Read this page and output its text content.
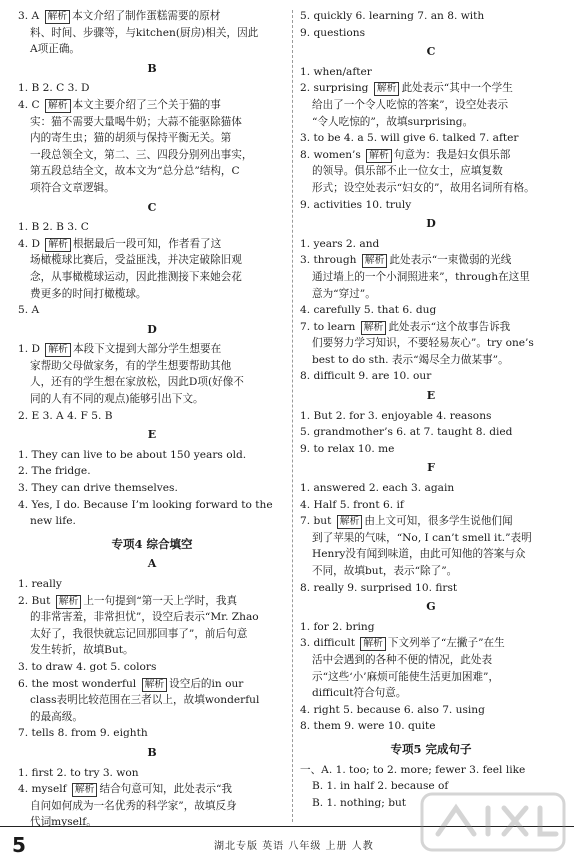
3. A 解析 本文介绍了制作蛋糕需要的原材
料、时间、步骤等，与kitchen(厨房)相关，因此
A项正确。
B
1. B 2. C 3. D
4. C 解析 本文主要介绍了三个关于猫的事
实：猫不需要大量喝牛奶；大蒜不能驱除猫体
内的寄生虫；猫的胡须与保持平衡无关。第
一段总领全文，第二、三、四段分别列出事实，
第五段总结全文，故本文为“总分总”结构，C
项符合文章逻辑。
C
1. B 2. B 3. C
4. D 解析 根据最后一段可知，作者看了这
场橄榄球比赛后，受益匪浅，并决定破除旧观
念，从事橄榄球运动，因此推测接下来她会花
费更多的时间打橄榄球。
5. A
D
1. D 解析 本段下文提到大部分学生想要在
家帮助父母做家务，有的学生想要帮助其他
人，还有的学生想在家放松，因此D项(好像不
同的人有不同的观点)能够引出下文。
2. E 3. A 4. F 5. B
E
1. They can live to be about 150 years old.
2. The fridge.
3. They can drive themselves.
4. Yes, I do. Because I’m looking forward to the
new life.
专项4 综合填空
A
1. really
2. But 解析 上一句提到“第一天上学时，我真
的非常害羞，非常担忧”，设空后表示“Mr. Zhao
太好了，我很快就忘记回那回事了”，前后句意
发生转折，故填But。
3. to draw 4. got 5. colors
6. the most wonderful 解析 设空后的in our
class表明比较范围在三者以上，故填wonderful
的最高级。
7. tells 8. from 9. eighth
B
1. first 2. to try 3. won
4. myself 解析 结合句意可知，此处表示“我
自问如何成为一名优秀的科学家”，故填反身
代词myself。
5. quickly 6. learning 7. an 8. with
9. questions
C
1. when/after
2. surprising 解析 此处表示“其中一个学生
给出了一个令人吃惊的答案”，设空处表示
“令人吃惊的”，故填surprising。
3. to be 4. a 5. will give 6. talked 7. after
8. women’s 解析 句意为：我是妇女俱乐部
的领导。俱乐部不止一位女士，应填复数
形式；设空处表示“妇女的”，故用名词所有格。
9. activities 10. truly
D
1. years 2. and
3. through 解析 此处表示“一束微弱的光线
通过墙上的一个小洞照进来”，through在这里
意为“穿过”。
4. carefully 5. that 6. dug
7. to learn 解析 此处表示“这个故事告诉我
们要努力学习知识，不要轻易灰心”。try one’s
best to do sth. 表示“竭尽全力做某事”。
8. difficult 9. are 10. our
E
1. But 2. for 3. enjoyable 4. reasons
5. grandmother’s 6. at 7. taught 8. died
9. to relax 10. me
F
1. answered 2. each 3. again
4. Half 5. front 6. if
7. but 解析 由上文可知，很多学生说他们闻
到了苹果的气味，“No, I can’t smell it.”表明
Henry没有闻到味道，由此可知他的答案与众
不同，故填but，表示“除了”。
8. really 9. surprised 10. first
G
1. for 2. bring
3. difficult 解析 下文列举了“左撇子”在生
活中会遇到的各种不便的情况，此处表
示“这些‘小’麻烦可能使生活更加困难”，
difficult符合句意。
4. right 5. because 6. also 7. using
8. them 9. were 10. quite
专项5 完成句子
一、A. 1. too; to 2. more; fewer 3. feel like
B. 1. in half 2. because of
B. 1. nothing; but
5	湖北专版 英语 八年级 上册 人教
